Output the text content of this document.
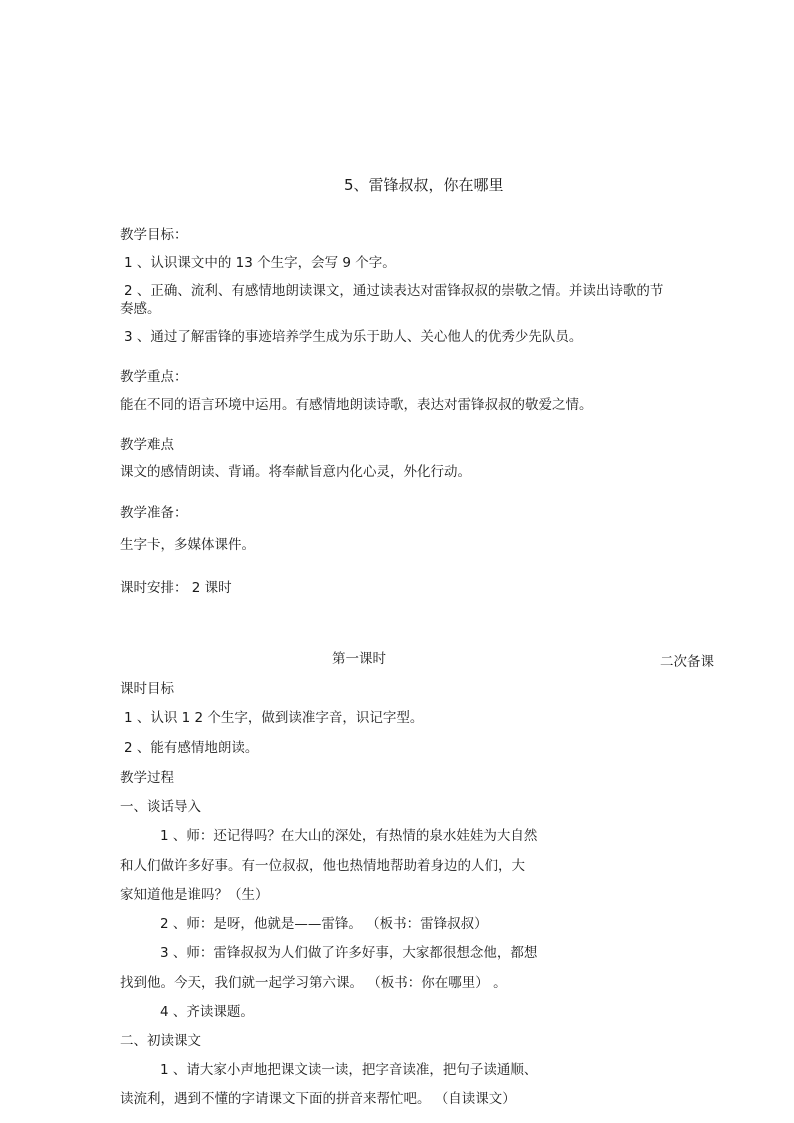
5、雷锋叔叔，你在哪里
教学目标：
1 、认识课文中的 13 个生字，会写 9 个字。
2 、正确、流利、有感情地朗读课文，通过读表达对雷锋叔叔的崇敬之情。并读出诗歌的节
奏感。
3 、通过了解雷锋的事迹培养学生成为乐于助人、关心他人的优秀少先队员。
教学重点：
能在不同的语言环境中运用。有感情地朗读诗歌，表达对雷锋叔叔的敬爱之情。
教学难点
课文的感情朗读、背诵。将奉献旨意内化心灵，外化行动。
教学准备：
生字卡，多媒体课件。
课时安排： 2 课时
第一课时	二次备课
课时目标
1 、认识 1 2 个生字，做到读准字音，识记字型。
2 、能有感情地朗读。
教学过程
一、谈话导入
1 、师：还记得吗？在大山的深处，有热情的泉水娃娃为大自然
和人们做许多好事。有一位叔叔，他也热情地帮助着身边的人们，大
家知道他是谁吗？（生）
2 、师：是呀，他就是——雷锋。 （板书：雷锋叔叔）
3 、师：雷锋叔叔为人们做了许多好事，大家都很想念他，都想
找到他。今天，我们就一起学习第六课。 （板书：你在哪里） 。
4 、齐读课题。
二、初读课文
1 、请大家小声地把课文读一读，把字音读准，把句子读通顺、
读流利，遇到不懂的字请课文下面的拼音来帮忙吧。 （自读课文）
